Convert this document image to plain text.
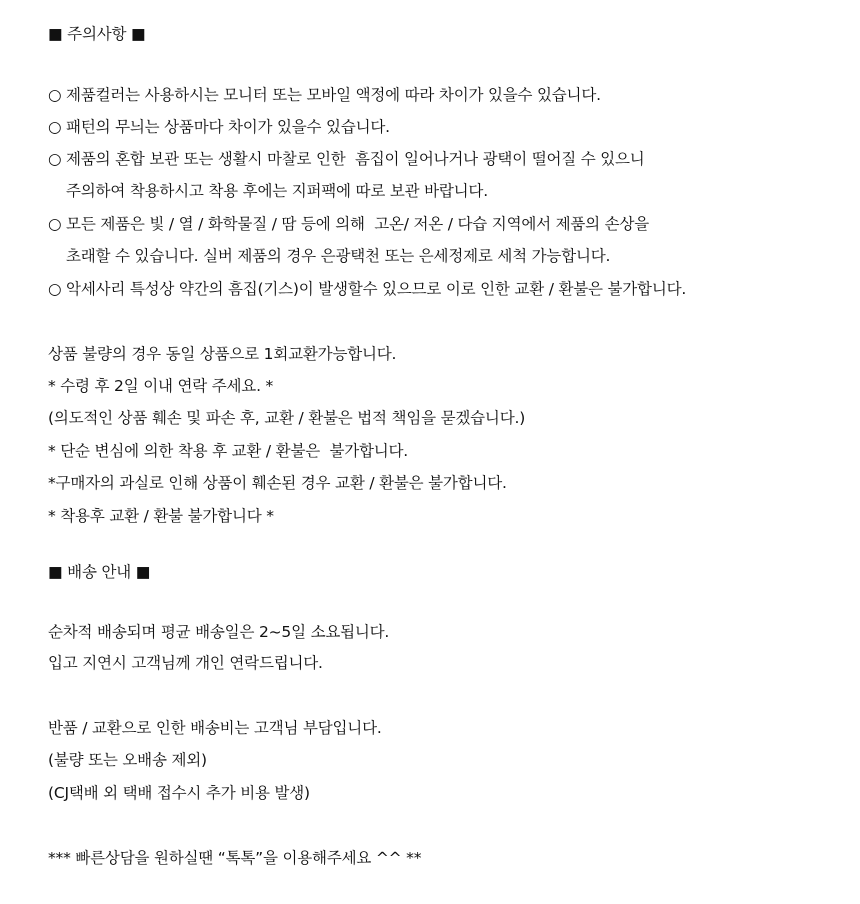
■ 주의사항 ■
○ 제품컬러는 사용하시는 모니터 또는 모바일 액정에 따라 차이가 있을수 있습니다.
○ 패턴의 무늬는 상품마다 차이가 있을수 있습니다.
○ 제품의 혼합 보관 또는 생활시 마찰로 인한  흠집이 일어나거나 광택이 떨어질 수 있으니
주의하여 착용하시고 착용 후에는 지퍼팩에 따로 보관 바랍니다.
○ 모든 제품은 빛 / 열 / 화학물질 / 땀 등에 의해  고온/ 저온 / 다습 지역에서 제품의 손상을
초래할 수 있습니다. 실버 제품의 경우 은광택천 또는 은세정제로 세척 가능합니다.
○ 악세사리 특성상 약간의 흠집(기스)이 발생할수 있으므로 이로 인한 교환 / 환불은 불가합니다.
상품 불량의 경우 동일 상품으로 1회교환가능합니다.
* 수령 후 2일 이내 연락 주세요. *
(의도적인 상품 훼손 및 파손 후, 교환 / 환불은 법적 책임을 묻겠습니다.)
* 단순 변심에 의한 착용 후 교환 / 환불은  불가합니다.
*구매자의 과실로 인해 상품이 훼손된 경우 교환 / 환불은 불가합니다.
* 착용후 교환 / 환불 불가합니다 *
■ 배송 안내 ■
순차적 배송되며 평균 배송일은 2~5일 소요됩니다.
입고 지연시 고객님께 개인 연락드립니다.
반품 / 교환으로 인한 배송비는 고객님 부담입니다.
(불량 또는 오배송 제외)
(CJ택배 외 택배 접수시 추가 비용 발생)
*** 빠른상담을 원하실땐 “톡톡”을 이용해주세요 ^^ **
